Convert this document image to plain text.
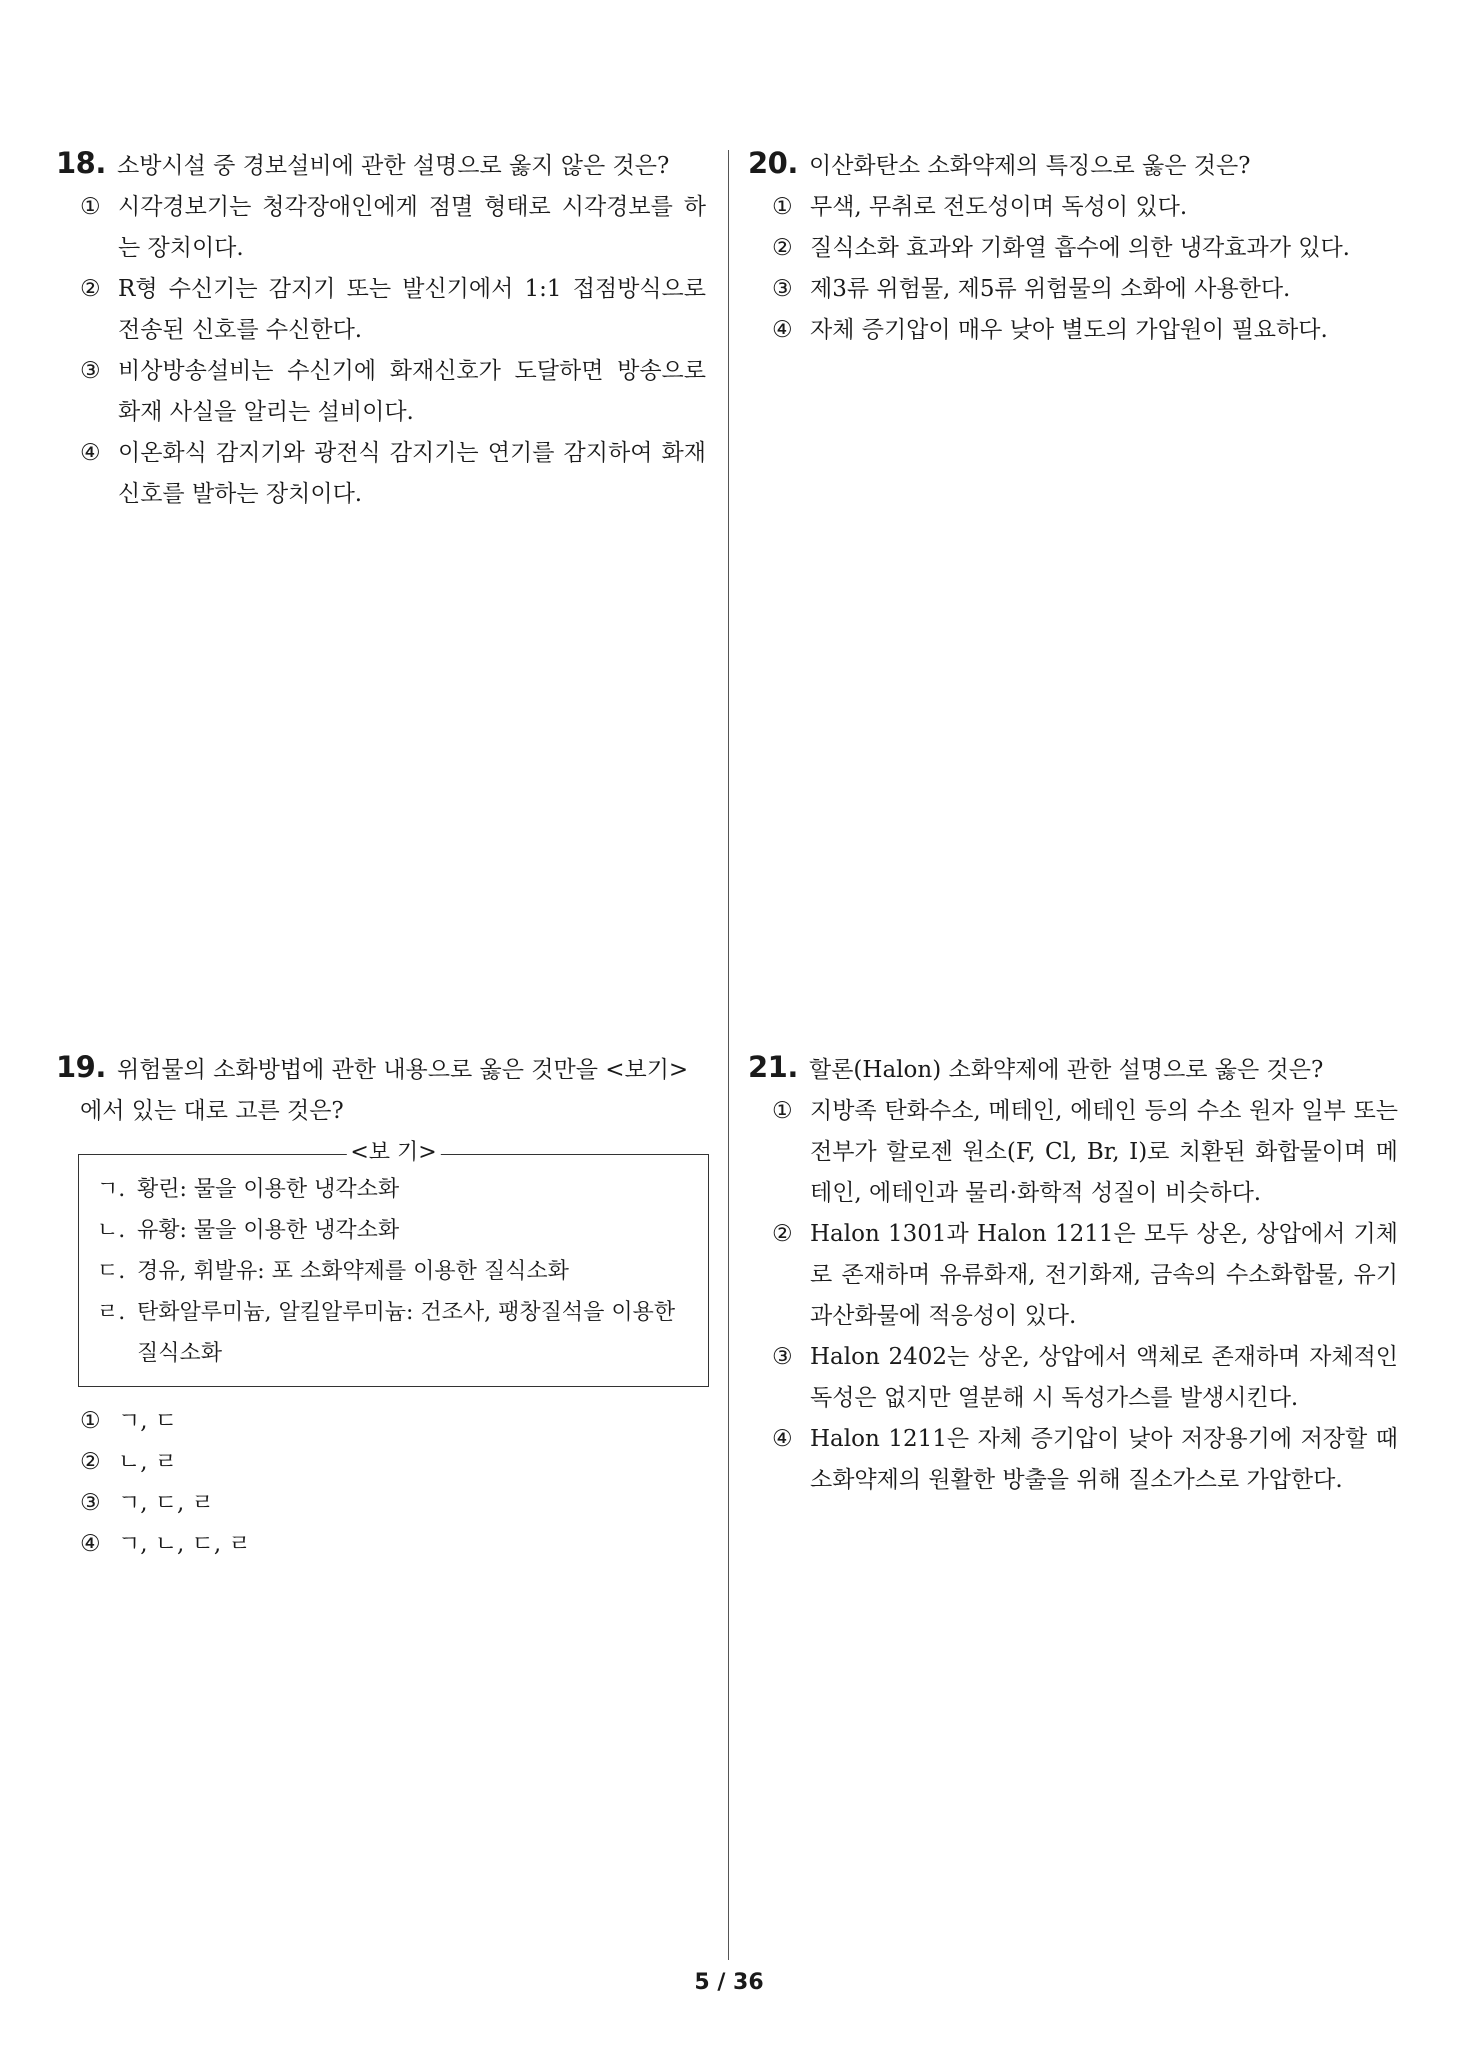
18. 소방시설 중 경보설비에 관한 설명으로 옳지 않은 것은?
① 시각경보기는 청각장애인에게 점멸 형태로 시각경보를 하는 장치이다.
② R형 수신기는 감지기 또는 발신기에서 1:1 접점방식으로 전송된 신호를 수신한다.
③ 비상방송설비는 수신기에 화재신호가 도달하면 방송으로 화재 사실을 알리는 설비이다.
④ 이온화식 감지기와 광전식 감지기는 연기를 감지하여 화재신호를 발하는 장치이다.
20. 이산화탄소 소화약제의 특징으로 옳은 것은?
① 무색, 무취로 전도성이며 독성이 있다.
② 질식소화 효과와 기화열 흡수에 의한 냉각효과가 있다.
③ 제3류 위험물, 제5류 위험물의 소화에 사용한다.
④ 자체 증기압이 매우 낮아 별도의 가압원이 필요하다.
19. 위험물의 소화방법에 관한 내용으로 옳은 것만을 <보기>
에서 있는 대로 고른 것은?
<보 기>
ㄱ. 황린: 물을 이용한 냉각소화
ㄴ. 유황: 물을 이용한 냉각소화
ㄷ. 경유, 휘발유: 포 소화약제를 이용한 질식소화
ㄹ. 탄화알루미늄, 알킬알루미늄: 건조사, 팽창질석을 이용한 질식소화
① ㄱ, ㄷ
② ㄴ, ㄹ
③ ㄱ, ㄷ, ㄹ
④ ㄱ, ㄴ, ㄷ, ㄹ
21. 할론(Halon) 소화약제에 관한 설명으로 옳은 것은?
① 지방족 탄화수소, 메테인, 에테인 등의 수소 원자 일부 또는 전부가 할로젠 원소(F, Cl, Br, I)로 치환된 화합물이며 메테인, 에테인과 물리·화학적 성질이 비슷하다.
② Halon 1301과 Halon 1211은 모두 상온, 상압에서 기체로 존재하며 유류화재, 전기화재, 금속의 수소화합물, 유기과산화물에 적응성이 있다.
③ Halon 2402는 상온, 상압에서 액체로 존재하며 자체적인 독성은 없지만 열분해 시 독성가스를 발생시킨다.
④ Halon 1211은 자체 증기압이 낮아 저장용기에 저장할 때 소화약제의 원활한 방출을 위해 질소가스로 가압한다.
5 / 36
